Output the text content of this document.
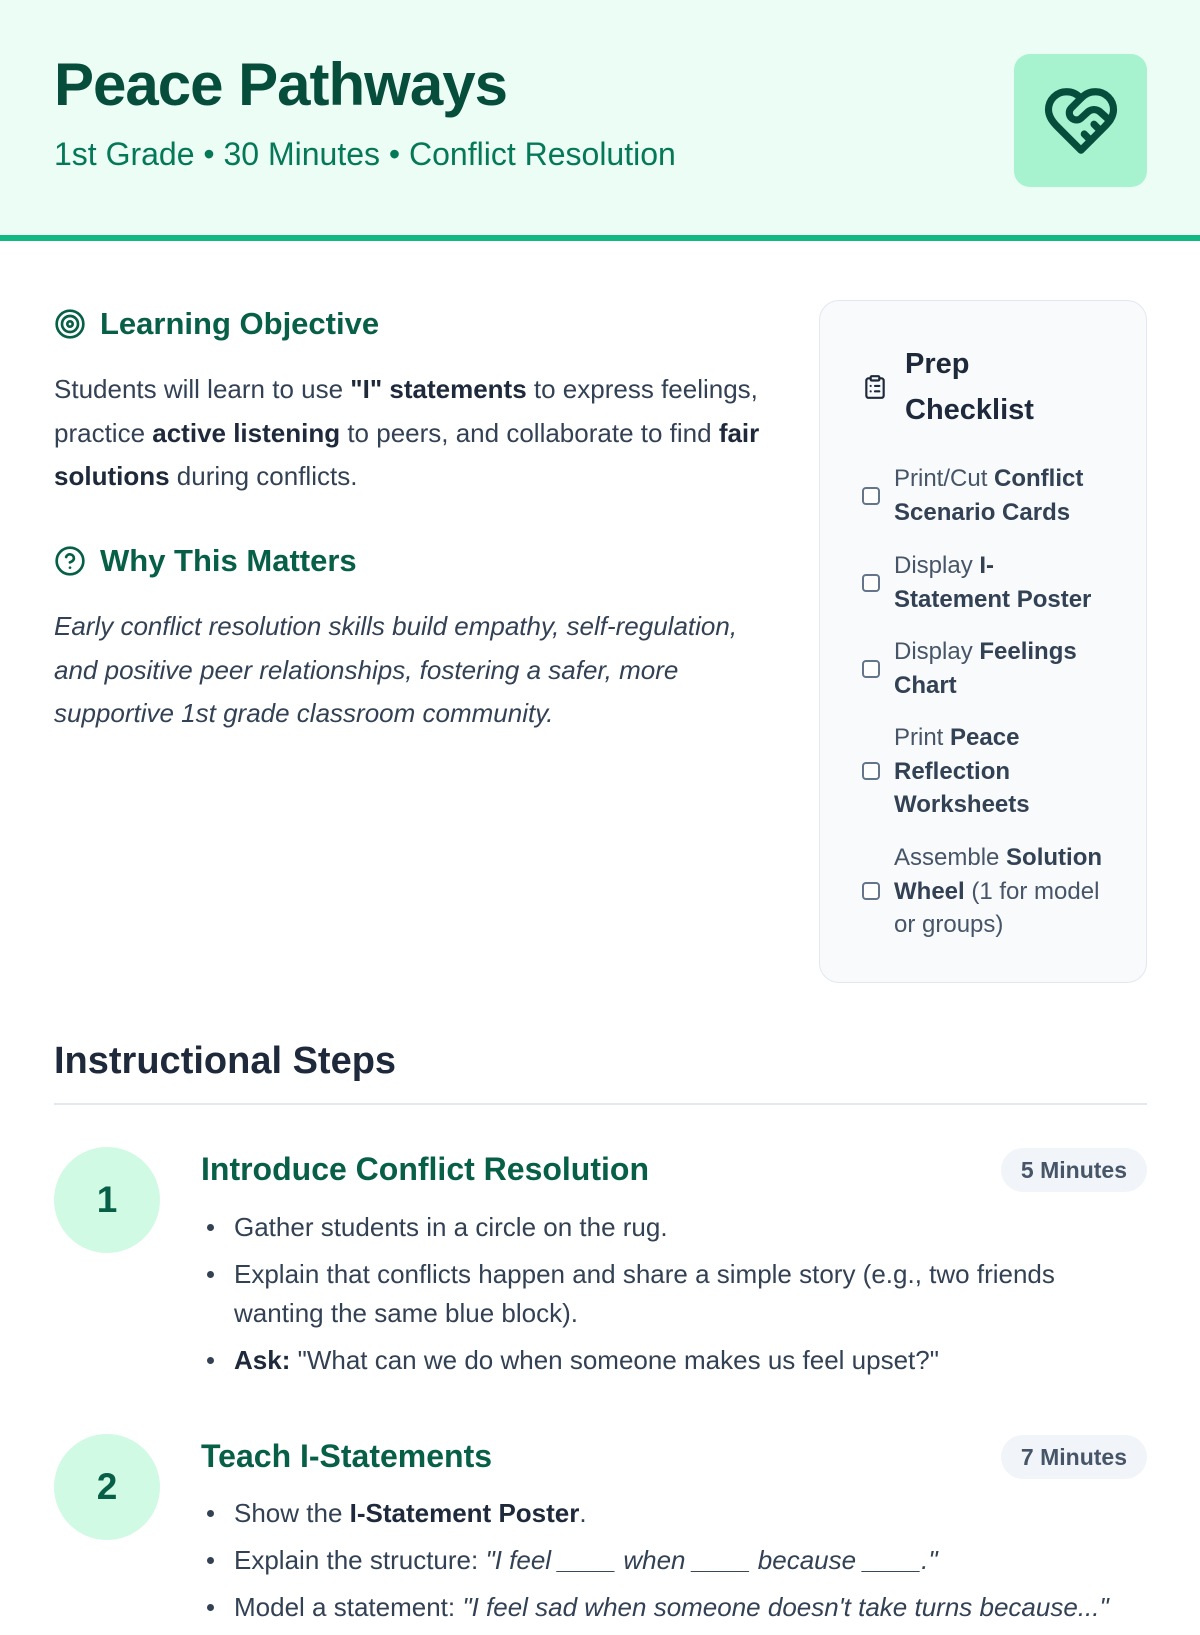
Peace Pathways

1st Grade • 30 Minutes • Conflict Resolution

Learning Objective

Students will learn to use "I" statements to express feelings, practice active listening to peers, and collaborate to find fair solutions during conflicts.

Why This Matters

Early conflict resolution skills build empathy, self-regulation, and positive peer relationships, fostering a safer, more supportive 1st grade classroom community.

Prep Checklist
Print/Cut Conflict Scenario Cards
Display I-Statement Poster
Display Feelings Chart
Print Peace Reflection Worksheets
Assemble Solution Wheel (1 for model or groups)
Instructional Steps
1
Introduce Conflict Resolution	5 Minutes
Gather students in a circle on the rug.
Explain that conflicts happen and share a simple story (e.g., two friends wanting the same blue block).
Ask: "What can we do when someone makes us feel upset?"
2
Teach I-Statements	7 Minutes
Show the I-Statement Poster.
Explain the structure: "I feel ____ when ____ because ____."
Model a statement: "I feel sad when someone doesn't take turns because..."
